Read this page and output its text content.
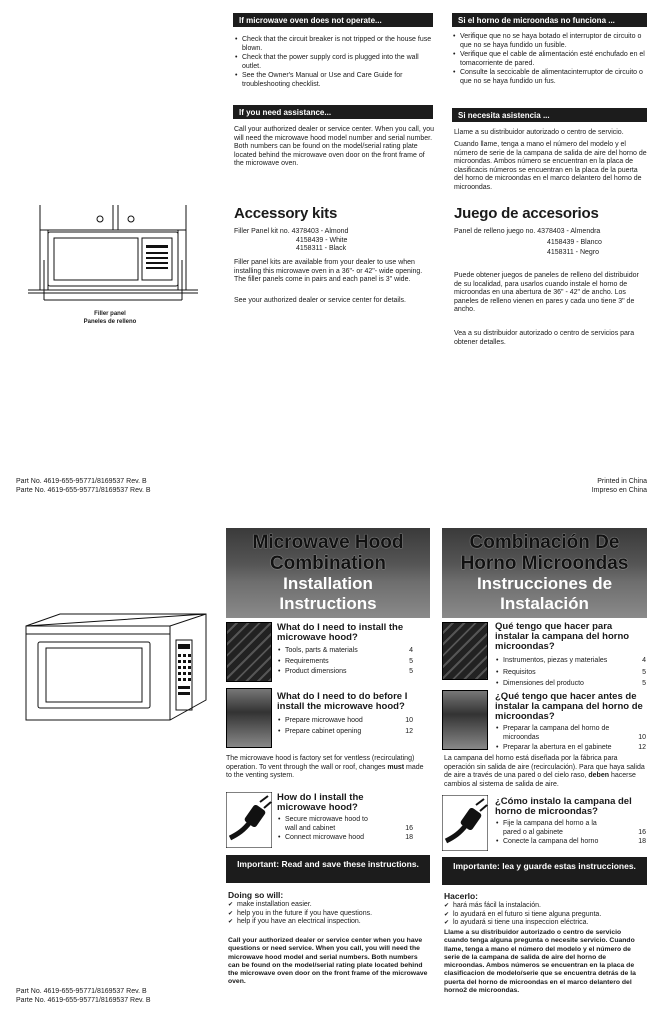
If microwave oven does not operate...
• Check that the circuit breaker is not tripped or the house fuse blown.
• Check that the power supply cord is plugged into the wall outlet.
• See the Owner's Manual or Use and Care Guide for troubleshooting checklist.
If you need assistance...

Call your authorized dealer or service center. When you call, you will need the microwave hood model number and serial number. Both numbers can be found on the model/serial rating plate located behind the microwave oven door on the front frame of the microwave oven.

Accessory kits
Filler Panel kit no. 4378403 - Almond
4158439 - White
4158311 - Black

Filler panel kits are available from your dealer to use when installing this microwave oven in a 36"- or 42"- wide opening. The filler panels come in pairs and each panel is 3" wide.

See your authorized dealer or service center for details.

Si el horno de microondas no funciona ...
• Verifique que no se haya botado el interruptor de circuito o que no se haya fundido un fusible.
• Verifique que el cable de alimentación esté enchufado en el tomacorriente de pared.
• Consulte la seccicable de alimentacinterruptor de circuito o que no se haya fundido un fus.
Si necesita asistencia ...

Llame a su distribuidor autorizado o centro de servicio.

Cuando llame, tenga a mano el número del modelo y el número de serie de la campana de salida de aire del horno de microondas. Ambos número se encuentran en la placa de clasificacis números se encuentran en la placa de la puerta del horno de microondas en el marco delantero del horno de microondas.

Juego de accesorios
Panel de relleno juego no. 4378403 - Almendra
4158439 - Blanco
4158311 - Negro

Puede obtener juegos de paneles de relleno del distribuidor de su localidad, para usarlos cuando instale el horno de microondas en una abertura de 36" - 42" de ancho. Los paneles de relleno vienen en pares y cada uno tiene 3" de ancho.

Vea a su distribuidor autorizado o centro de servicios para obtener detalles.

Filler panel
Paneles de relleno
Part No. 4619-655-95771/8169537 Rev. B
Parte No. 4619-655-95771/8169537 Rev. B
Printed in China
Impreso en China
Microwave Hood
Combination
Installation
Instructions
Combinación De
Horno Microondas
Instrucciones de
Instalación
What do I need to install the microwave hood?
• Tools, parts & materials	4
• Requirements	5
• Product dimensions	5
What do I need to do before I install the microwave hood?
• Prepare microwave hood	10
• Prepare cabinet opening	12

The microwave hood is factory set for ventless (recirculating) operation. To vent through the wall or roof, changes must made to the venting system.

How do I install the microwave hood?
• Secure microwave hood to wall and cabinet	16
• Connect microwave hood	18
Important: Read and save these instructions.
Doing so will:
✔ make installation easier.
✔ help you in the future if you have questions.
✔ help if you have an electrical inspection.

Call your authorized dealer or service center when you have questions or need service. When you call, you will need the microwave hood model and serial numbers. Both numbers can be found on the model/serial rating plate located behind the microwave oven door on the front frame of the microwave oven.

Qué tengo que hacer para instalar la campana del horno microondas?
• Instrumentos, piezas y materiales	4
• Requisitos	5
• Dimensiones del producto	5
¿Qué tengo que hacer antes de instalar la campana del horno de microondas?
• Preparar la campana del horno de microondas	10
• Preparar la abertura en el gabinete	12

La campana del horno está diseñada por la fábrica para operación sin salida de aire (recirculación). Para que haya salida de aire a través de una pared o del cielo raso, deben hacerse cambios al sistema de salida de aire.

¿Cómo instalo la campana del horno de microondas?
• Fije la campana del horno a la pared o al gabinete	16
• Conecte la campana del horno	18
Importante: lea y guarde estas instrucciones.
Hacerlo:
✔ hará más fácil la instalación.
✔ lo ayudará en el futuro si tiene alguna pregunta.
✔ lo ayudará si tiene una inspeccion eléctrica.

Llame a su distribuidor autorizado o centro de servicio cuando tenga alguna pregunta o necesite servicio. Cuando llame, tenga a mano el número del modelo y el número de serie de la campana de salida de aire del horno de microondas. Ambos números se encuentran en la placa de clasificacion de modelo/serie que se encuentra detrás de la puerta del horno de microondas en el marco delantero del horno2 de microondas.

Part No. 4619-655-95771/8169537 Rev. B
Parte No. 4619-655-95771/8169537 Rev. B
